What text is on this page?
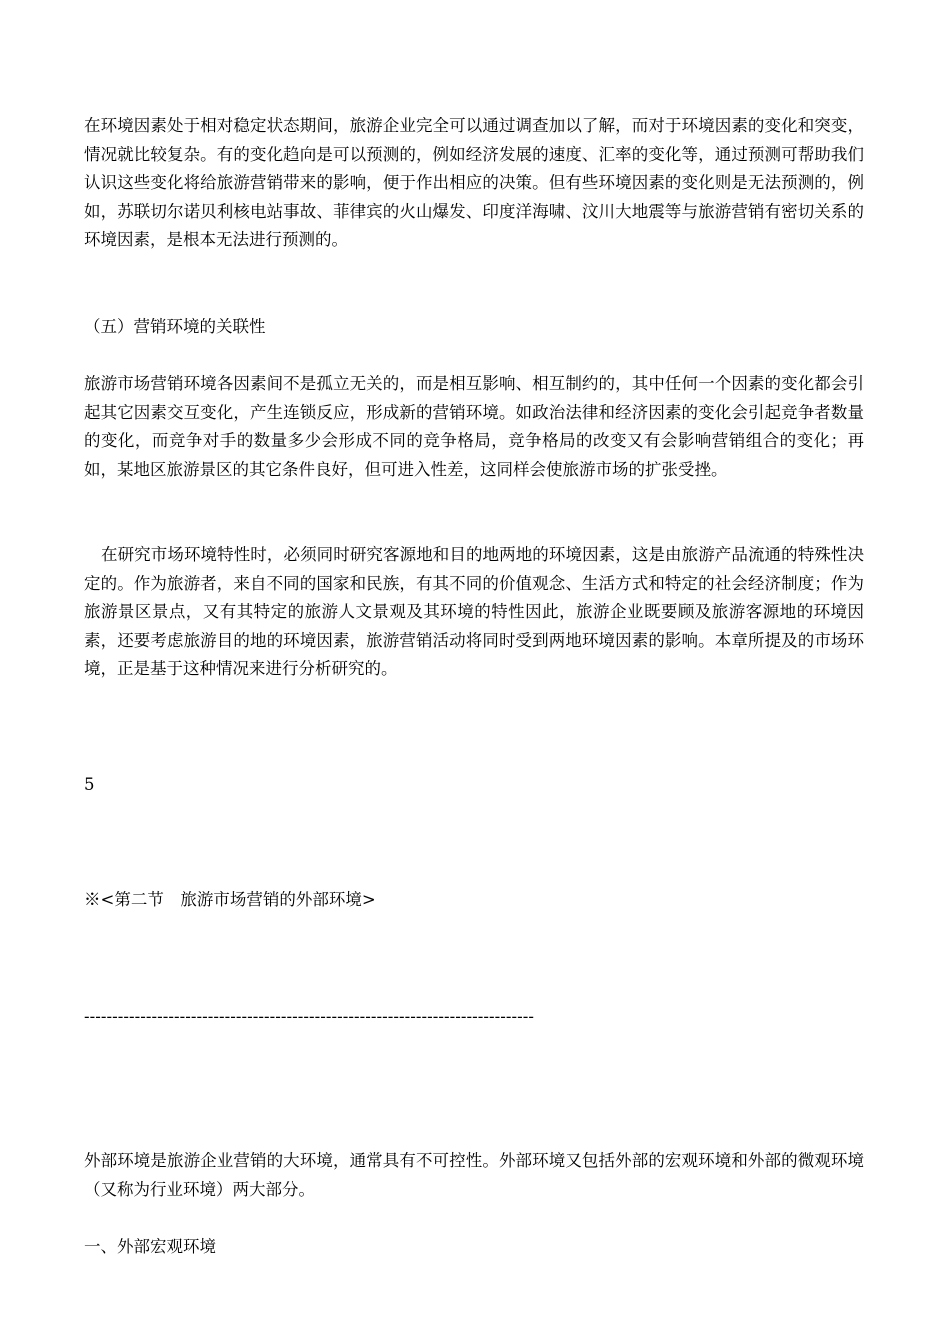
在环境因素处于相对稳定状态期间，旅游企业完全可以通过调查加以了解，而对于环境因素的变化和突变，情况就比较复杂。有的变化趋向是可以预测的，例如经济发展的速度、汇率的变化等，通过预测可帮助我们认识这些变化将给旅游营销带来的影响，便于作出相应的决策。但有些环境因素的变化则是无法预测的，例如，苏联切尔诺贝利核电站事故、菲律宾的火山爆发、印度洋海啸、汶川大地震等与旅游营销有密切关系的环境因素，是根本无法进行预测的。

（五）营销环境的关联性

旅游市场营销环境各因素间不是孤立无关的，而是相互影响、相互制约的，其中任何一个因素的变化都会引起其它因素交互变化，产生连锁反应，形成新的营销环境。如政治法律和经济因素的变化会引起竞争者数量的变化，而竞争对手的数量多少会形成不同的竞争格局，竞争格局的改变又有会影响营销组合的变化；再如，某地区旅游景区的其它条件良好，但可进入性差，这同样会使旅游市场的扩张受挫。

在研究市场环境特性时，必须同时研究客源地和目的地两地的环境因素，这是由旅游产品流通的特殊性决定的。作为旅游者，来自不同的国家和民族，有其不同的价值观念、生活方式和特定的社会经济制度；作为旅游景区景点，又有其特定的旅游人文景观及其环境的特性因此，旅游企业既要顾及旅游客源地的环境因素，还要考虑旅游目的地的环境因素，旅游营销活动将同时受到两地环境因素的影响。本章所提及的市场环境，正是基于这种情况来进行分析研究的。

5

※<第二节　旅游市场营销的外部环境>

--------------------------------------------------------------------------------

外部环境是旅游企业营销的大环境，通常具有不可控性。外部环境又包括外部的宏观环境和外部的微观环境（又称为行业环境）两大部分。

一、外部宏观环境
